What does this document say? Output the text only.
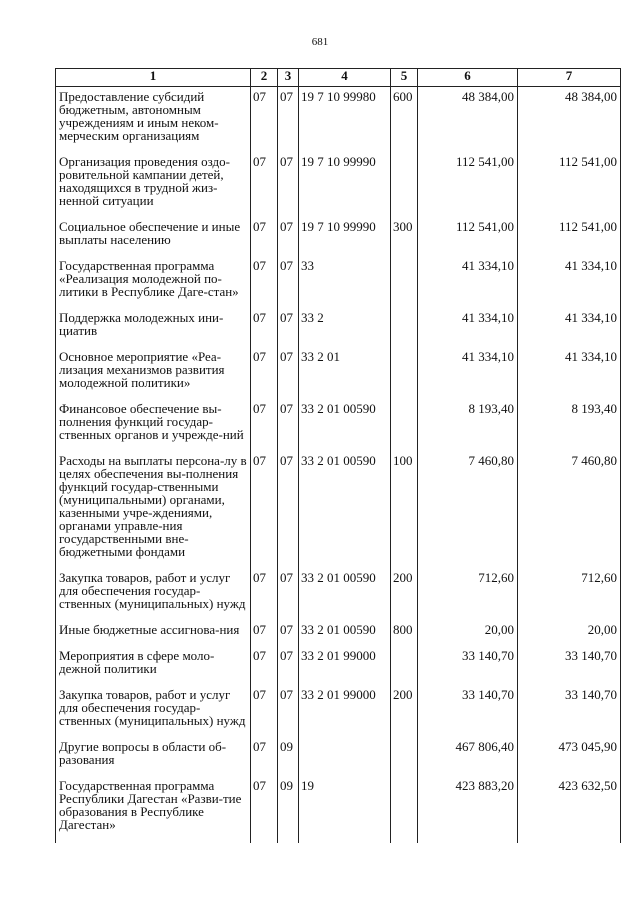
681
1	2	3	4	5	6	7
Предоставление субсидий бюджетным, автономным учреждениям и иным неком-мерческим организациям	07	07	19 7 10 99980	600	48 384,00	48 384,00
Организация проведения оздо-ровительной кампании детей, находящихся в трудной жиз-ненной ситуации	07	07	19 7 10 99990		112 541,00	112 541,00
Социальное обеспечение и иные выплаты населению	07	07	19 7 10 99990	300	112 541,00	112 541,00
Государственная программа «Реализация молодежной по-литики в Республике Даге-стан»	07	07	33		41 334,10	41 334,10
Поддержка молодежных ини-циатив	07	07	33 2		41 334,10	41 334,10
Основное мероприятие «Реа-лизация механизмов развития молодежной политики»	07	07	33 2 01		41 334,10	41 334,10
Финансовое обеспечение вы-полнения функций государ-ственных органов и учрежде-ний	07	07	33 2 01 00590		8 193,40	8 193,40
Расходы на выплаты персона-лу в целях обеспечения вы-полнения функций государ-ственными (муниципальными) органами, казенными учре-ждениями, органами управле-ния государственными вне-бюджетными фондами	07	07	33 2 01 00590	100	7 460,80	7 460,80
Закупка товаров, работ и услуг для обеспечения государ-ственных (муниципальных) нужд	07	07	33 2 01 00590	200	712,60	712,60
Иные бюджетные ассигнова-ния	07	07	33 2 01 00590	800	20,00	20,00
Мероприятия в сфере моло-дежной политики	07	07	33 2 01 99000		33 140,70	33 140,70
Закупка товаров, работ и услуг для обеспечения государ-ственных (муниципальных) нужд	07	07	33 2 01 99000	200	33 140,70	33 140,70
Другие вопросы в области об-разования	07	09			467 806,40	473 045,90
Государственная программа Республики Дагестан «Разви-тие образования в Республике Дагестан»	07	09	19		423 883,20	423 632,50
